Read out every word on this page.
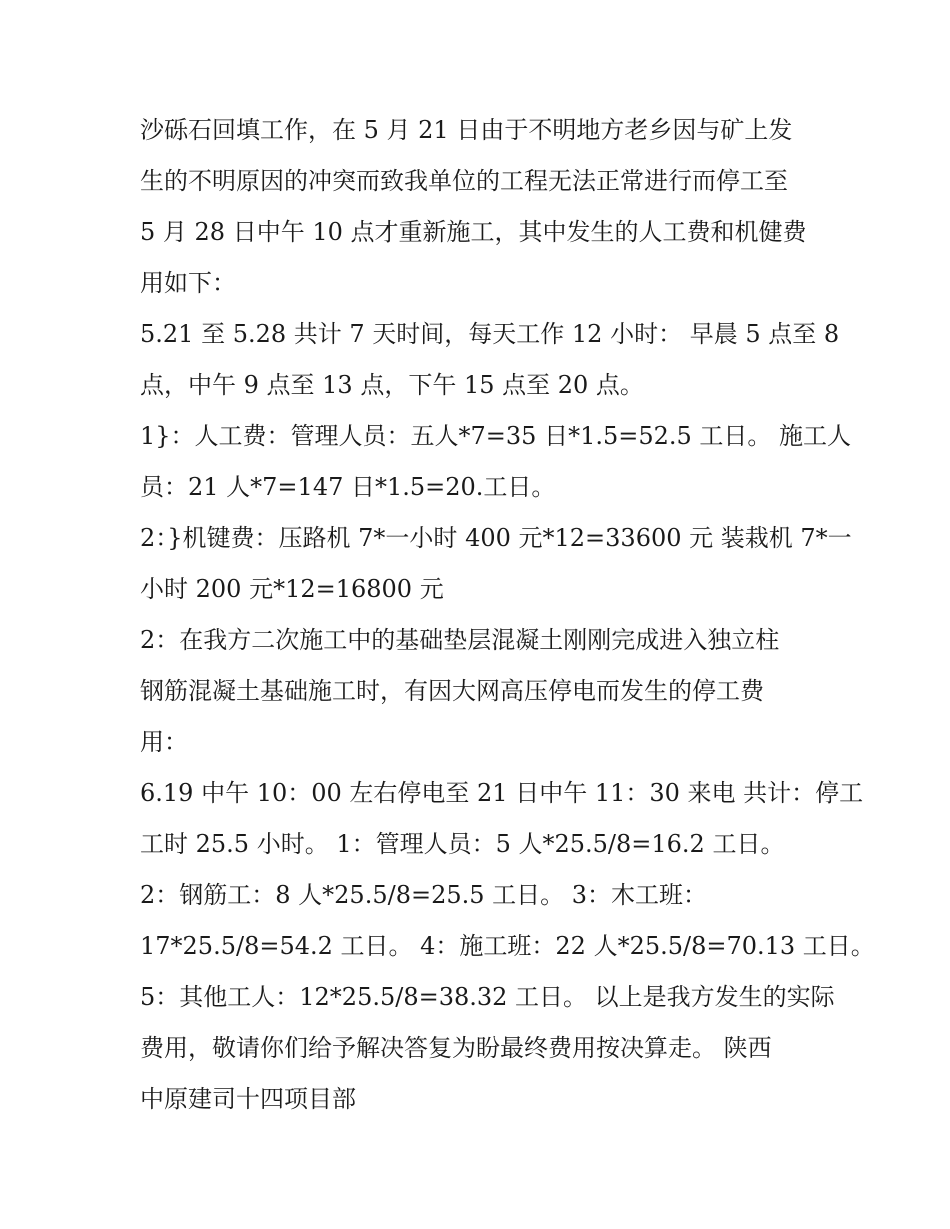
沙砾石回填工作，在 5 月 21 日由于不明地方老乡因与矿上发
生的不明原因的冲突而致我单位的工程无法正常进行而停工至
5 月 28 日中午 10 点才重新施工，其中发生的人工费和机健费
用如下：
5.21 至 5.28 共计 7 天时间，每天工作 12 小时： 早晨 5 点至 8
点，中午 9 点至 13 点，下午 15 点至 20 点。
1}：人工费：管理人员：五人*7=35 日*1.5=52.5 工日。 施工人
员：21 人*7=147 日*1.5=20.工日。
2：}机键费：压路机 7*一小时 400 元*12=33600 元 装栽机 7*一
小时 200 元*12=16800 元
2：在我方二次施工中的基础垫层混凝土刚刚完成进入独立柱
钢筋混凝土基础施工时，有因大网高压停电而发生的停工费
用：
6.19 中午 10：00 左右停电至 21 日中午 11：30 来电 共计：停工
工时 25.5 小时。 1：管理人员：5 人*25.5/8=16.2 工日。
2：钢筋工：8 人*25.5/8=25.5 工日。 3：木工班：
17*25.5/8=54.2 工日。 4：施工班：22 人*25.5/8=70.13 工日。
5：其他工人：12*25.5/8=38.32 工日。 以上是我方发生的实际
费用，敬请你们给予解决答复为盼最终费用按决算走。 陕西
中原建司十四项目部
